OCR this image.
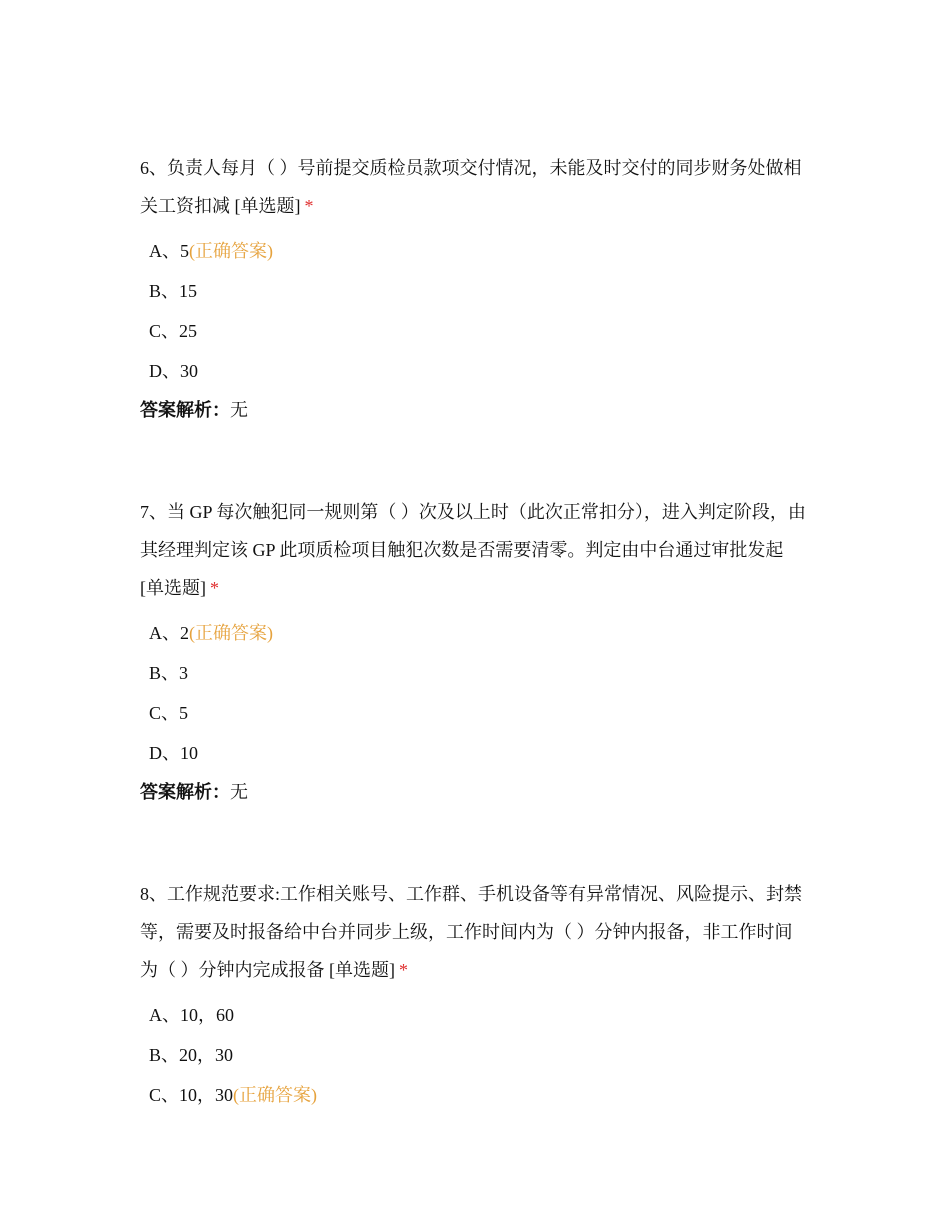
6、负责人每月（ ）号前提交质检员款项交付情况，未能及时交付的同步财务处做相关工资扣减 [单选题] *

A、5(正确答案)
B、15
C、25
D、30

答案解析：无

7、当 GP 每次触犯同一规则第（ ）次及以上时（此次正常扣分），进入判定阶段，由其经理判定该 GP 此项质检项目触犯次数是否需要清零。判定由中台通过审批发起 [单选题] *

A、2(正确答案)
B、3
C、5
D、10

答案解析：无

8、工作规范要求:工作相关账号、工作群、手机设备等有异常情况、风险提示、封禁等，需要及时报备给中台并同步上级，工作时间内为（ ）分钟内报备，非工作时间为（ ）分钟内完成报备 [单选题] *

A、10，60
B、20，30
C、10，30(正确答案)
